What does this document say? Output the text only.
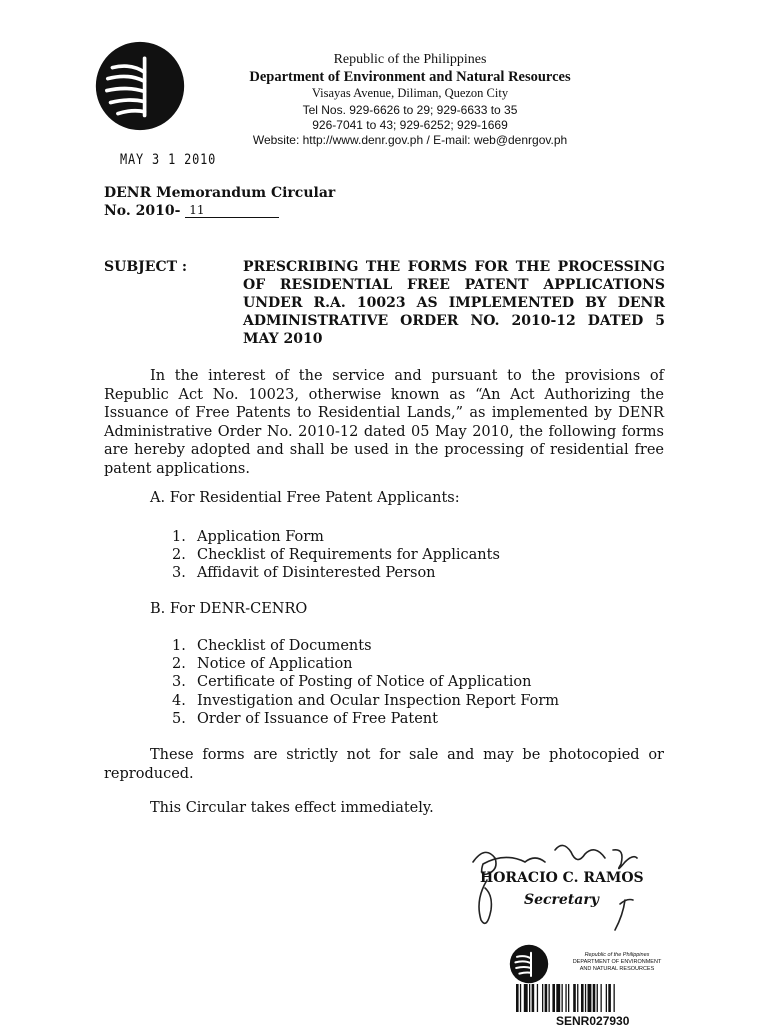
Republic of the Philippines
Department of Environment and Natural Resources
Visayas Avenue, Diliman, Quezon City
Tel Nos. 929-6626 to 29; 929-6633 to 35
926-7041 to 43; 929-6252; 929-1669
Website: http://www.denr.gov.ph / E-mail: web@denrgov.ph
MAY 3 1 2010
DENR Memorandum Circular
No. 2010- 11
SUBJECT :	PRESCRIBING THE FORMS FOR THE PROCESSING OF RESIDENTIAL FREE PATENT APPLICATIONS UNDER R.A. 10023 AS IMPLEMENTED BY DENR ADMINISTRATIVE ORDER NO. 2010-12 DATED 5 MAY 2010
In the interest of the service and pursuant to the provisions of Republic Act No. 10023, otherwise known as “An Act Authorizing the Issuance of Free Patents to Residential Lands,” as implemented by DENR Administrative Order No. 2010-12 dated 05 May 2010, the following forms are hereby adopted and shall be used in the processing of residential free patent applications.
A. For Residential Free Patent Applicants:
1. Application Form
2. Checklist of Requirements for Applicants
3. Affidavit of Disinterested Person
B. For DENR-CENRO
1. Checklist of Documents
2. Notice of Application
3. Certificate of Posting of Notice of Application
4. Investigation and Ocular Inspection Report Form
5. Order of Issuance of Free Patent
These forms are strictly not for sale and may be photocopied or reproduced.
This Circular takes effect immediately.
HORACIO C. RAMOS
Secretary
Republic of the Philippines
DEPARTMENT OF ENVIRONMENT
AND NATURAL RESOURCES
SENR027930
